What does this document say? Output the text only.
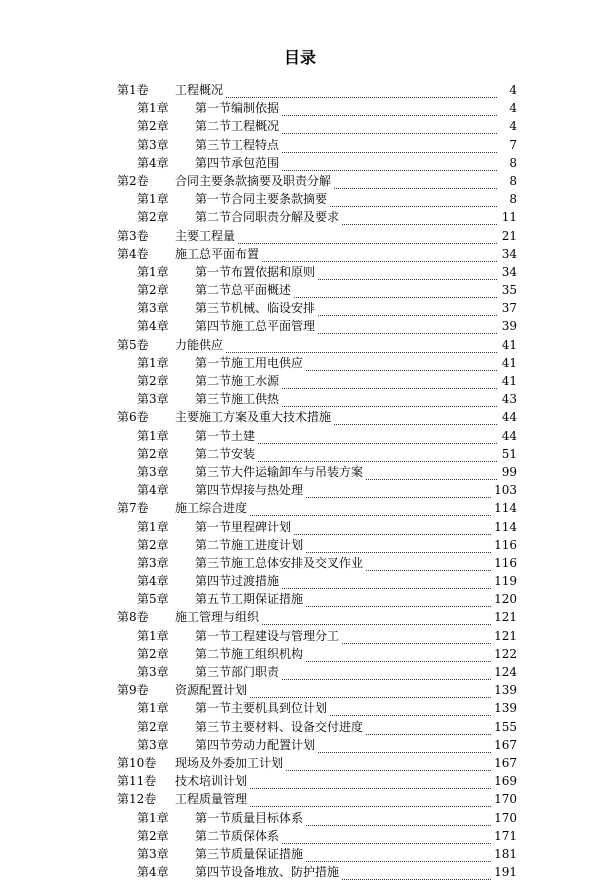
目录
第1卷 工程概况	4
第1章 第一节编制依据	4
第2章 第二节工程概况	4
第3章 第三节工程特点	7
第4章 第四节承包范围	8
第2卷 合同主要条款摘要及职责分解	8
第1章 第一节合同主要条款摘要	8
第2章 第二节合同职责分解及要求	11
第3卷 主要工程量	21
第4卷 施工总平面布置	34
第1章 第一节布置依据和原则	34
第2章 第二节总平面概述	35
第3章 第三节机械、临设安排	37
第4章 第四节施工总平面管理	39
第5卷 力能供应	41
第1章 第一节施工用电供应	41
第2章 第二节施工水源	41
第3章 第三节施工供热	43
第6卷 主要施工方案及重大技术措施	44
第1章 第一节土建	44
第2章 第二节安装	51
第3章 第三节大件运输卸车与吊装方案	99
第4章 第四节焊接与热处理	103
第7卷 施工综合进度	114
第1章 第一节里程碑计划	114
第2章 第二节施工进度计划	116
第3章 第三节施工总体安排及交叉作业	116
第4章 第四节过渡措施	119
第5章 第五节工期保证措施	120
第8卷 施工管理与组织	121
第1章 第一节工程建设与管理分工	121
第2章 第二节施工组织机构	122
第3章 第三节部门职责	124
第9卷 资源配置计划	139
第1章 第一节主要机具到位计划	139
第2章 第三节主要材料、设备交付进度	155
第3章 第四节劳动力配置计划	167
第10卷 现场及外委加工计划	167
第11卷 技术培训计划	169
第12卷 工程质量管理	170
第1章 第一节质量目标体系	170
第2章 第二节质保体系	171
第3章 第三节质量保证措施	181
第4章 第四节设备堆放、防护措施	191
